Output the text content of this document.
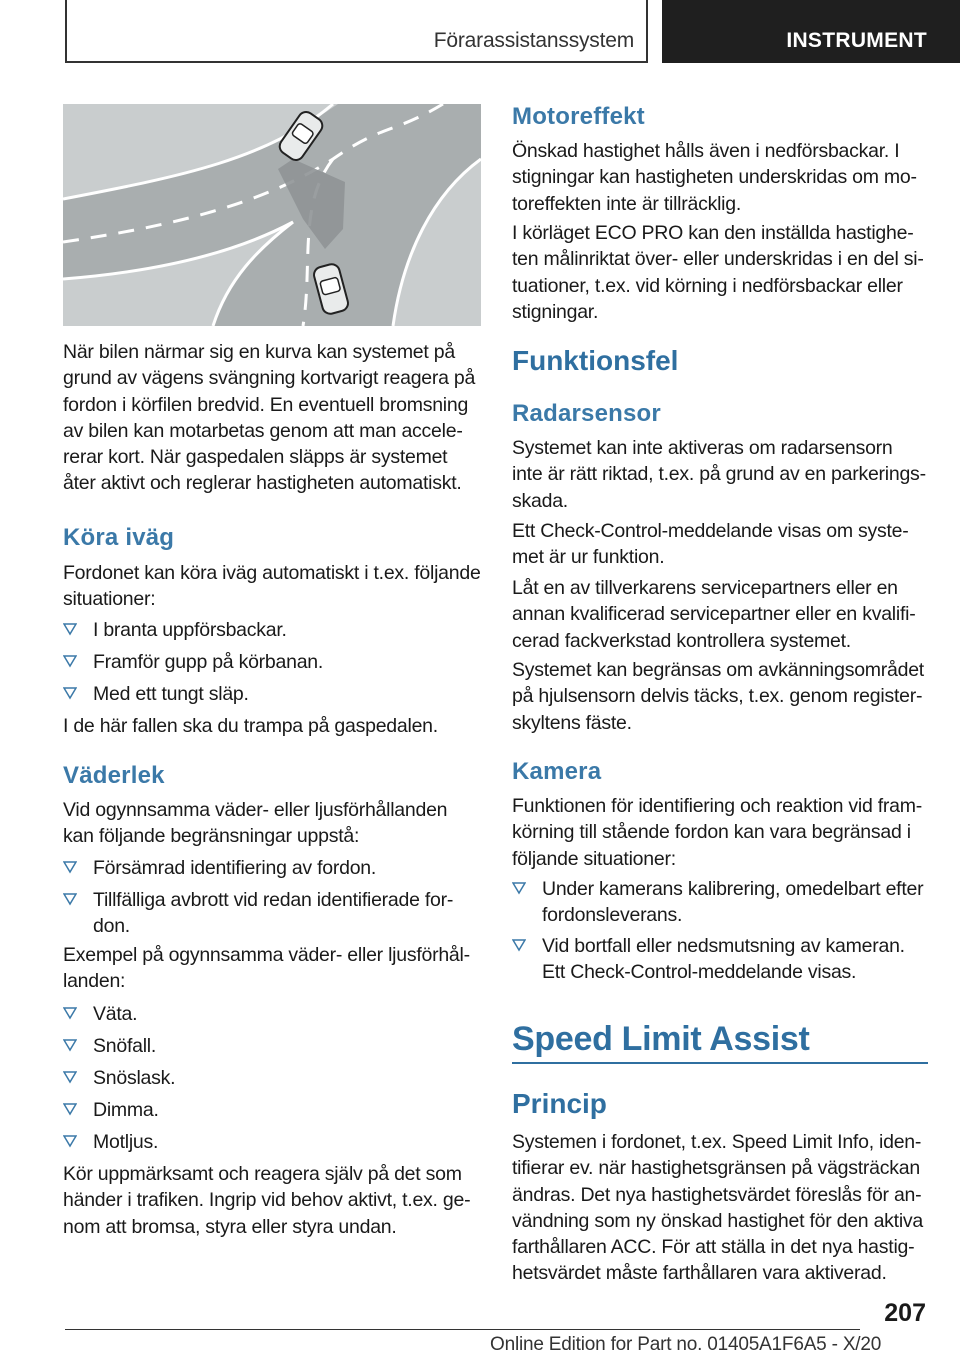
Förarassistanssystem	INSTRUMENT

När bilen närmar sig en kurva kan systemet på grund av vägens svängning kortvarigt reagera på fordon i körfilen bredvid. En eventuell bromsning av bilen kan motarbetas genom att man accelererar kort. När gaspedalen släpps är systemet åter aktivt och reglerar hastigheten automatiskt.

Köra iväg

Fordonet kan köra iväg automatiskt i t.ex. följande situationer:

I branta uppförsbackar.

Framför gupp på körbanan.

Med ett tungt släp.

I de här fallen ska du trampa på gaspedalen.

Väderlek

Vid ogynnsamma väder- eller ljusförhållanden kan följande begränsningar uppstå:

Försämrad identifiering av fordon.

Tillfälliga avbrott vid redan identifierade fordon.

Exempel på ogynnsamma väder- eller ljusförhållanden:

Väta.

Snöfall.

Snöslask.

Dimma.

Motljus.

Kör uppmärksamt och reagera själv på det som händer i trafiken. Ingrip vid behov aktivt, t.ex. genom att bromsa, styra eller styra undan.

Motoreffekt

Önskad hastighet hålls även i nedförsbackar. I stigningar kan hastigheten underskridas om motoreffekten inte är tillräcklig.

I körläget ECO PRO kan den inställda hastigheten målinriktat över- eller underskridas i en del situationer, t.ex. vid körning i nedförsbackar eller stigningar.

Funktionsfel
Radarsensor

Systemet kan inte aktiveras om radarsensorn inte är rätt riktad, t.ex. på grund av en parkeringsskada.

Ett Check-Control-meddelande visas om systemet är ur funktion.

Låt en av tillverkarens servicepartners eller en annan kvalificerad servicepartner eller en kvalificerad fackverkstad kontrollera systemet.

Systemet kan begränsas om avkänningsområdet på hjulsensorn delvis täcks, t.ex. genom registerskyltens fäste.

Kamera

Funktionen för identifiering och reaktion vid framkörning till stående fordon kan vara begränsad i följande situationer:

Under kamerans kalibrering, omedelbart efter fordonsleverans.

Vid bortfall eller nedsmutsning av kameran. Ett Check-Control-meddelande visas.

Speed Limit Assist
Princip

Systemen i fordonet, t.ex. Speed Limit Info, identifierar ev. när hastighetsgränsen på vägsträckan ändras. Det nya hastighetsvärdet föreslås för användning som ny önskad hastighet för den aktiva farthållaren ACC. För att ställa in det nya hastighetsvärdet måste farthållaren vara aktiverad.

207
Online Edition for Part no. 01405A1F6A5 - X/20
